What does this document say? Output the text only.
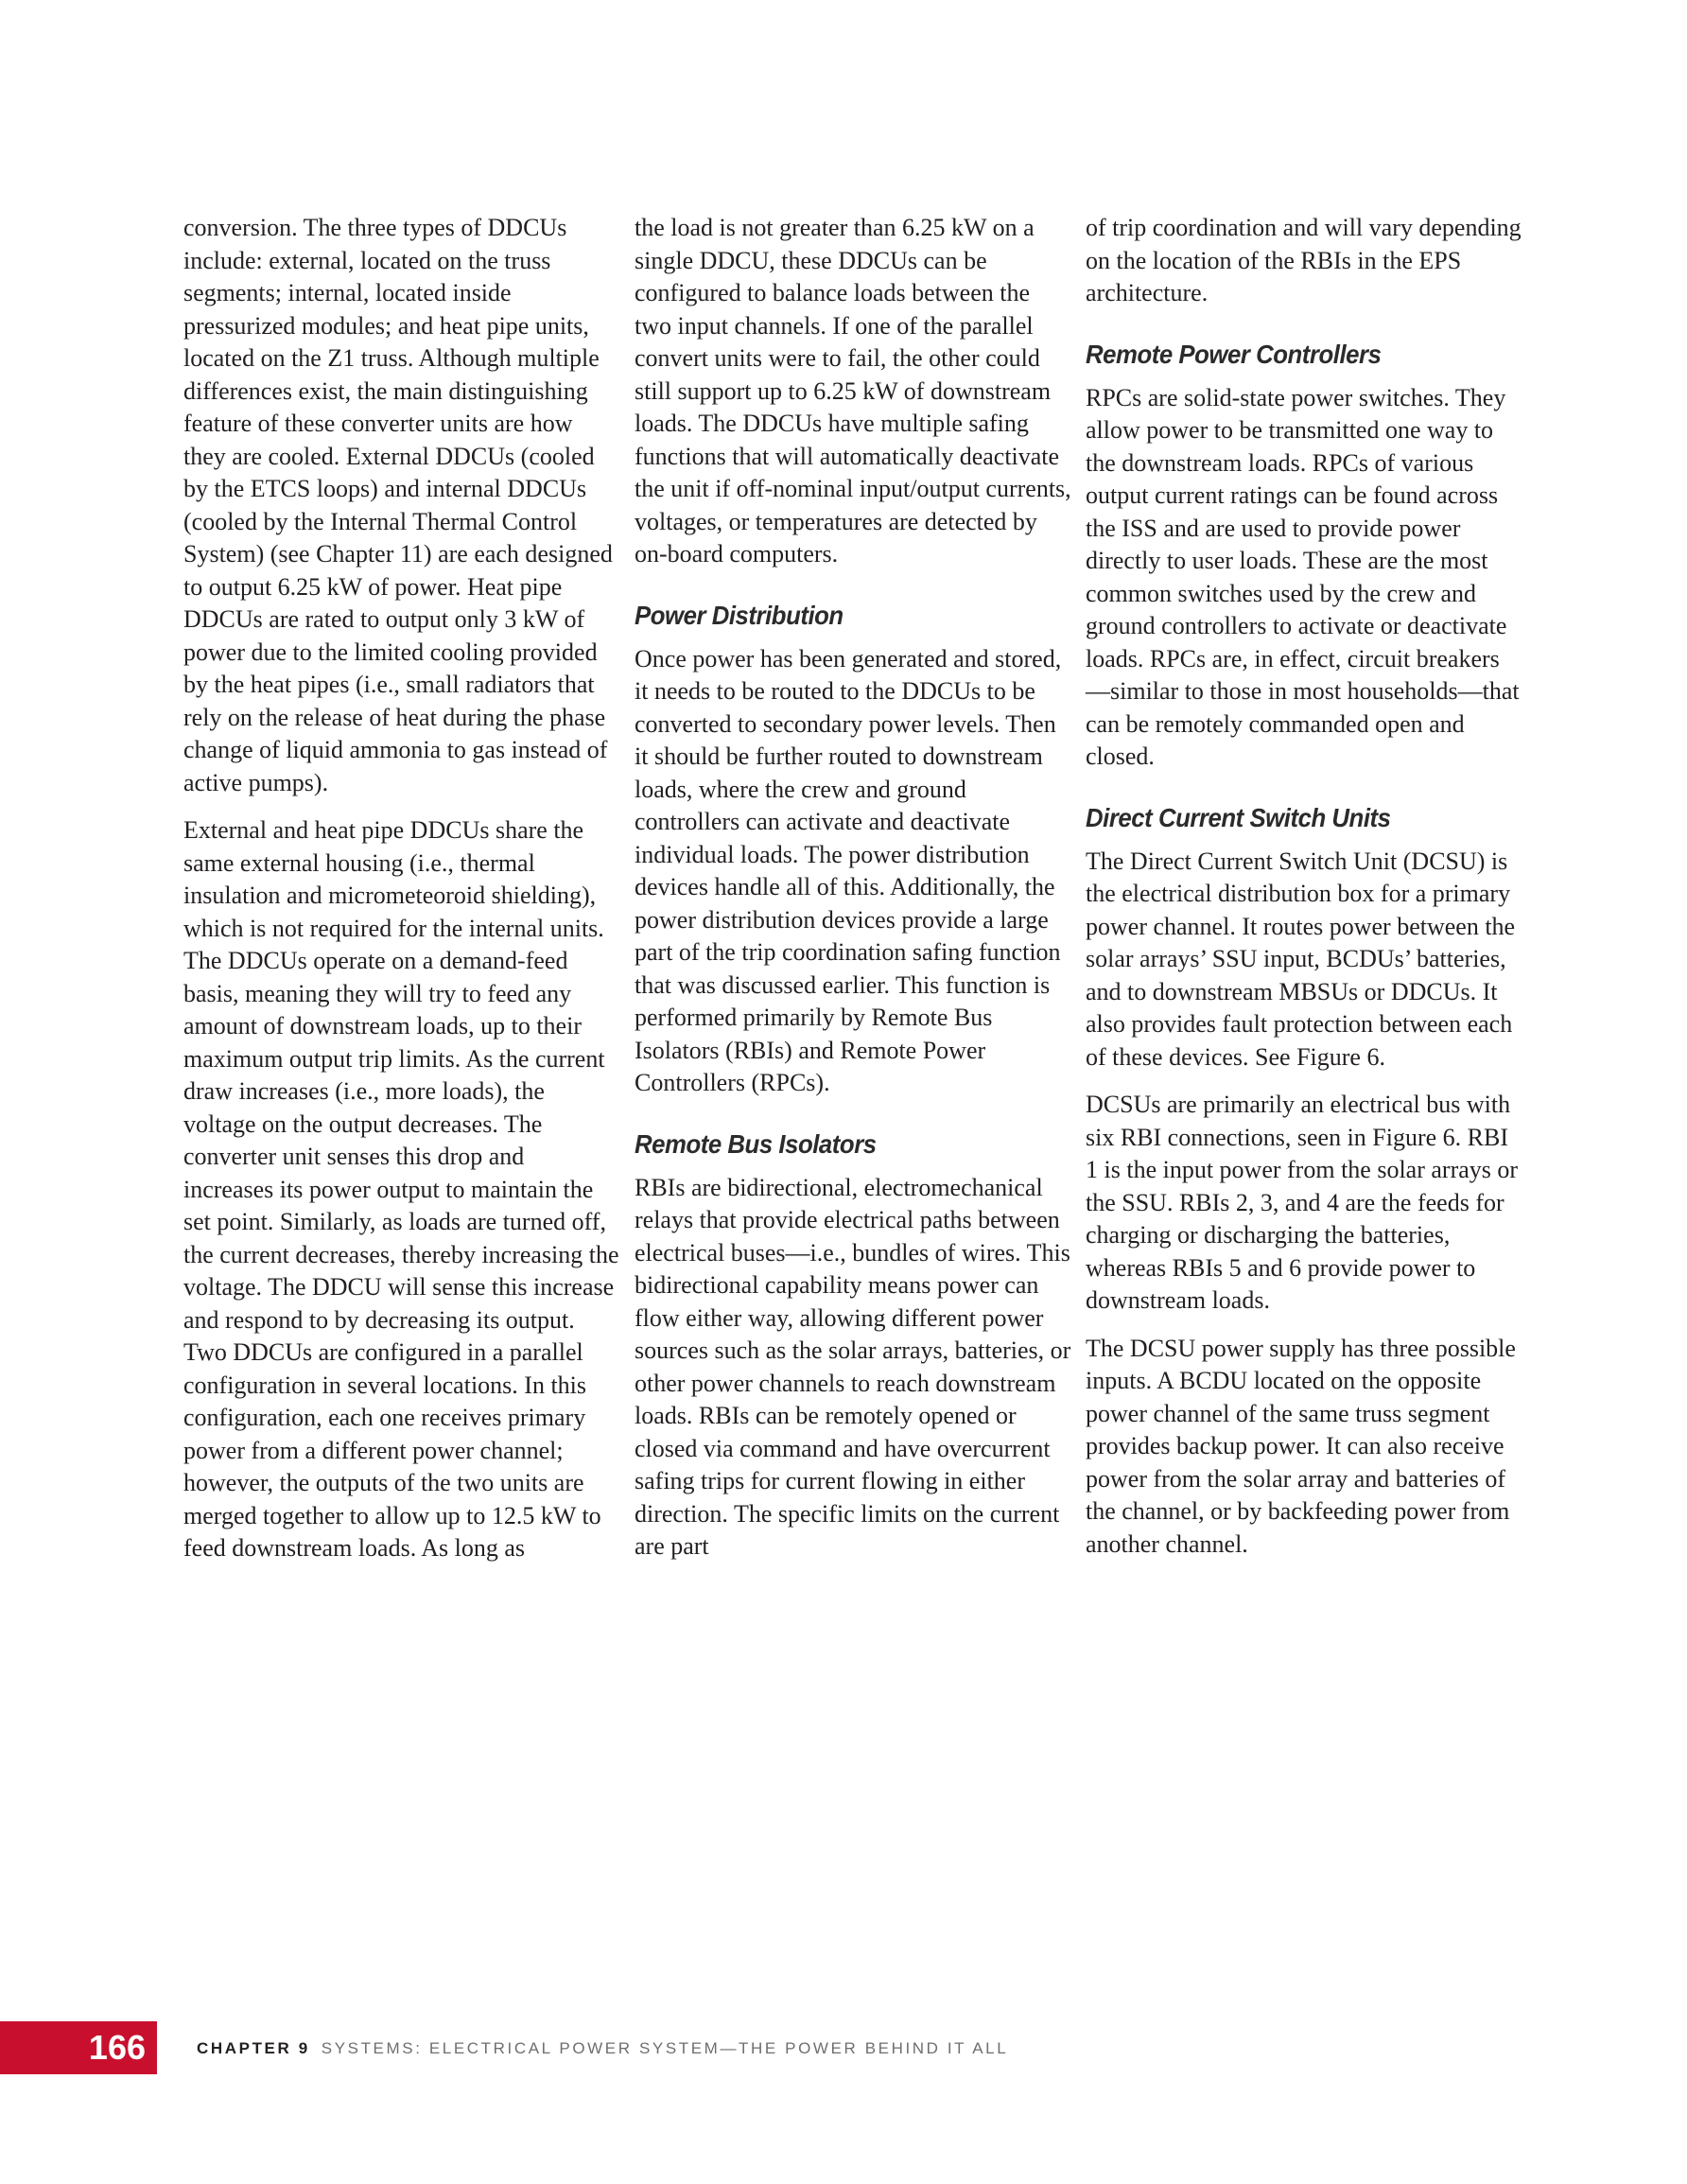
conversion. The three types of DDCUs include: external, located on the truss segments; internal, located inside pressurized modules; and heat pipe units, located on the Z1 truss. Although multiple differences exist, the main distinguishing feature of these converter units are how they are cooled. External DDCUs (cooled by the ETCS loops) and internal DDCUs (cooled by the Internal Thermal Control System) (see Chapter 11) are each designed to output 6.25 kW of power. Heat pipe DDCUs are rated to output only 3 kW of power due to the limited cooling provided by the heat pipes (i.e., small radiators that rely on the release of heat during the phase change of liquid ammonia to gas instead of active pumps).

External and heat pipe DDCUs share the same external housing (i.e., thermal insulation and micrometeoroid shielding), which is not required for the internal units. The DDCUs operate on a demand-feed basis, meaning they will try to feed any amount of downstream loads, up to their maximum output trip limits. As the current draw increases (i.e., more loads), the voltage on the output decreases. The converter unit senses this drop and increases its power output to maintain the set point. Similarly, as loads are turned off, the current decreases, thereby increasing the voltage. The DDCU will sense this increase and respond to by decreasing its output. Two DDCUs are configured in a parallel configuration in several locations. In this configuration, each one receives primary power from a different power channel; however, the outputs of the two units are merged together to allow up to 12.5 kW to feed downstream loads. As long as

the load is not greater than 6.25 kW on a single DDCU, these DDCUs can be configured to balance loads between the two input channels. If one of the parallel convert units were to fail, the other could still support up to 6.25 kW of downstream loads. The DDCUs have multiple safing functions that will automatically deactivate the unit if off-nominal input/output currents, voltages, or temperatures are detected by on-board computers.

Power Distribution

Once power has been generated and stored, it needs to be routed to the DDCUs to be converted to secondary power levels. Then it should be further routed to downstream loads, where the crew and ground controllers can activate and deactivate individual loads. The power distribution devices handle all of this. Additionally, the power distribution devices provide a large part of the trip coordination safing function that was discussed earlier. This function is performed primarily by Remote Bus Isolators (RBIs) and Remote Power Controllers (RPCs).

Remote Bus Isolators

RBIs are bidirectional, electromechanical relays that provide electrical paths between electrical buses—i.e., bundles of wires. This bidirectional capability means power can flow either way, allowing different power sources such as the solar arrays, batteries, or other power channels to reach downstream loads. RBIs can be remotely opened or closed via command and have overcurrent safing trips for current flowing in either direction. The specific limits on the current are part

of trip coordination and will vary depending on the location of the RBIs in the EPS architecture.

Remote Power Controllers

RPCs are solid-state power switches. They allow power to be transmitted one way to the downstream loads. RPCs of various output current ratings can be found across the ISS and are used to provide power directly to user loads. These are the most common switches used by the crew and ground controllers to activate or deactivate loads. RPCs are, in effect, circuit breakers—similar to those in most households—that can be remotely commanded open and closed.

Direct Current Switch Units

The Direct Current Switch Unit (DCSU) is the electrical distribution box for a primary power channel. It routes power between the solar arrays’ SSU input, BCDUs’ batteries, and to downstream MBSUs or DDCUs. It also provides fault protection between each of these devices. See Figure 6.

DCSUs are primarily an electrical bus with six RBI connections, seen in Figure 6. RBI 1 is the input power from the solar arrays or the SSU. RBIs 2, 3, and 4 are the feeds for charging or discharging the batteries, whereas RBIs 5 and 6 provide power to downstream loads.

The DCSU power supply has three possible inputs. A BCDU located on the opposite power channel of the same truss segment provides backup power. It can also receive power from the solar array and batteries of the channel, or by backfeeding power from another channel.

166	CHAPTER 9 SYSTEMS: ELECTRICAL POWER SYSTEM—THE POWER BEHIND IT ALL
